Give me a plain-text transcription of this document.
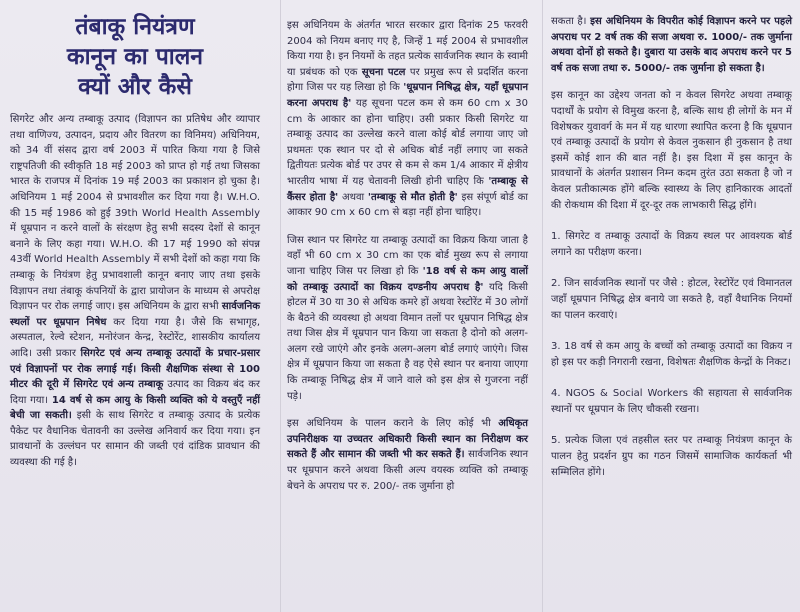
तंबाकू नियंत्रण
कानून का पालन
क्यों और कैसे

सिगरेट और अन्य तम्बाकू उत्पाद (विज्ञापन का प्रतिषेध और व्यापार तथा वाणिज्य, उत्पादन, प्रदाय और वितरण का विनिमय) अधिनियम, को 34 वीं संसद द्वारा वर्ष 2003 में पारित किया गया है जिसे राष्ट्रपतिजी की स्वीकृति 18 मई 2003 को प्राप्त हो गई तथा जिसका भारत के राजपत्र में दिनांक 19 मई 2003 का प्रकाशन हो चुका है। अधिनियम 1 मई 2004 से प्रभावशील कर दिया गया है। W.H.O. की 15 मई 1986 को हुई 39th World Health Assembly में धूम्रपान न करने वालों के संरक्षण हेतु सभी सदस्य देशों से कानून बनाने के लिए कहा गया। W.H.O. की 17 मई 1990 को संपन्न 43वीं World Health Assembly में सभी देशों को कहा गया कि तम्बाकू के नियंत्रण हेतु प्रभावशाली कानून बनाए जाए तथा इसके विज्ञापन तथा तंबाकू कंपनियों के द्वारा प्रायोजन के माध्यम से अपरोक्ष विज्ञापन पर रोक लगाई जाए। इस अधिनियम के द्वारा सभी सार्वजनिक स्थलों पर धूम्रपान निषेध कर दिया गया है। जैसे कि सभागृह, अस्पताल, रेल्वे स्टेशन, मनोरंजन केन्द्र, रेस्टोरेंट, शासकीय कार्यालय आदि। उसी प्रकार सिगरेट एवं अन्य तम्बाकू उत्पादों के प्रचार-प्रसार एवं विज्ञापनों पर रोक लगाई गई। किसी शैक्षणिक संस्था से 100 मीटर की दूरी में सिगरेट एवं अन्य तम्बाकू उत्पाद का विक्रय बंद कर दिया गया। 14 वर्ष से कम आयु के किसी व्यक्ति को ये वस्तुएँ नहीं बेची जा सकती। इसी के साथ सिगरेट व तम्बाकू उत्पाद के प्रत्येक पैकेट पर वैधानिक चेतावनी का उल्लेख अनिवार्य कर दिया गया। इन प्रावधानों के उल्लंघन पर सामान की जब्ती एवं दांडिक प्रावधान की व्यवस्था की गई है।

इस अधिनियम के अंतर्गत भारत सरकार द्वारा दिनांक 25 फरवरी 2004 को नियम बनाए गए है, जिन्हें 1 मई 2004 से प्रभावशील किया गया है। इन नियमों के तहत प्रत्येक सार्वजनिक स्थान के स्वामी या प्रबंधक को एक सूचना पटल पर प्रमुख रूप से प्रदर्शित करना होगा जिस पर यह लिखा हो कि 'धूम्रपान निषिद्ध क्षेत्र, यहाँ धूम्रपान करना अपराध है' यह सूचना पटल कम से कम 60 cm x 30 cm के आकार का होना चाहिए। उसी प्रकार किसी सिगरेट या तम्बाकू उत्पाद का उल्लेख करने वाला कोई बोर्ड लगाया जाए जो प्रथमतः एक स्थान पर दो से अधिक बोर्ड नहीं लगाए जा सकते द्वितीयतः प्रत्येक बोर्ड पर उपर से कम से कम 1/4 आकार में क्षेत्रीय भारतीय भाषा में यह चेतावनी लिखी होनी चाहिए कि 'तम्बाकू से कैंसर होता है' अथवा 'तम्बाकू से मौत होती है' इस संपूर्ण बोर्ड का आकार 90 cm x 60 cm से बड़ा नहीं होना चाहिए।

जिस स्थान पर सिगरेट या तम्बाकू उत्पादों का विक्रय किया जाता है वहाँ भी 60 cm x 30 cm का एक बोर्ड मुख्य रूप से लगाया जाना चाहिए जिस पर लिखा हो कि '18 वर्ष से कम आयु वालों को तम्बाकू उत्पादों का विक्रय दण्डनीय अपराध है' यदि किसी होटल में 30 या 30 से अधिक कमरे हों अथवा रेस्टोरेंट में 30 लोगों के बैठने की व्यवस्था हो अथवा विमान तलों पर धूम्रपान निषिद्ध क्षेत्र तथा जिस क्षेत्र में धूम्रपान पान किया जा सकता है दोनो को अलग-अलग रखे जाएंगे और इनके अलग-अलग बोर्ड लगाएं जाएंगे। जिस क्षेत्र में धूम्रपान किया जा सकता है वह ऐसे स्थान पर बनाया जाएगा कि तम्बाकू निषिद्ध क्षेत्र में जाने वाले को इस क्षेत्र से गुजरना नहीं पड़े।

इस अधिनियम के पालन कराने के लिए कोई भी अधिकृत उपनिरीक्षक या उच्चतर अधिकारी किसी स्थान का निरीक्षण कर सकते हैं और सामान की जब्ती भी कर सकते हैं। सार्वजनिक स्थान पर धूम्रपान करने अथवा किसी अल्प वयस्क व्यक्ति को तम्बाकू बेचने के अपराध पर रु. 200/- तक जुर्माना हो

सकता है। इस अधिनियम के विपरीत कोई विज्ञापन करने पर पहले अपराध पर 2 वर्ष तक की सजा अथवा रु. 1000/- तक जुर्माना अथवा दोनों हो सकते है। दुबारा या उसके बाद अपराध करने पर 5 वर्ष तक सजा तथा रु. 5000/- तक जुर्माना हो सकता है।

इस कानून का उद्देश्य जनता को न केवल सिगरेट अथवा तम्बाकू पदार्थों के प्रयोग से विमुख करना है, बल्कि साथ ही लोगों के मन में विशेषकर युवावर्ग के मन में यह धारणा स्थापित करना है कि धूम्रपान एवं तम्बाकू उत्पादों के प्रयोग से केवल नुकसान ही नुकसान है तथा इसमें कोई शान की बात नहीं है। इस दिशा में इस कानून के प्रावधानों के अंतर्गत प्रशासन निम्न कदम तुरंत उठा सकता है जो न केवल प्रतीकात्मक होंगे बल्कि स्वास्थ्य के लिए हानिकारक आदतों की रोकथाम की दिशा में दूर-दूर तक लाभकारी सिद्ध होंगे।

1. सिगरेट व तम्बाकू उत्पादों के विक्रय स्थल पर आवश्यक बोर्ड लगाने का परीक्षण करना।
2. जिन सार्वजनिक स्थानों पर जैसे : होटल, रेस्टोरेंट एवं विमानतल जहाँ धूम्रपान निषिद्ध क्षेत्र बनाये जा सकते है, वहाँ वैधानिक नियमों का पालन करवाएं।
3. 18 वर्ष से कम आयु के बच्चों को तम्बाकू उत्पादों का विक्रय न हो इस पर कड़ी निगरानी रखना, विशेषतः शैक्षणिक केन्द्रों के निकट।
4. NGOS & Social Workers की सहायता से सार्वजनिक स्थानों पर धूम्रपान के लिए चौकसी रखना।
5. प्रत्येक जिला एवं तहसील स्तर पर तम्बाकू नियंत्रण कानून के पालन हेतु प्रदर्शन ग्रुप का गठन जिसमें सामाजिक कार्यकर्ता भी सम्मिलित होंगे।
